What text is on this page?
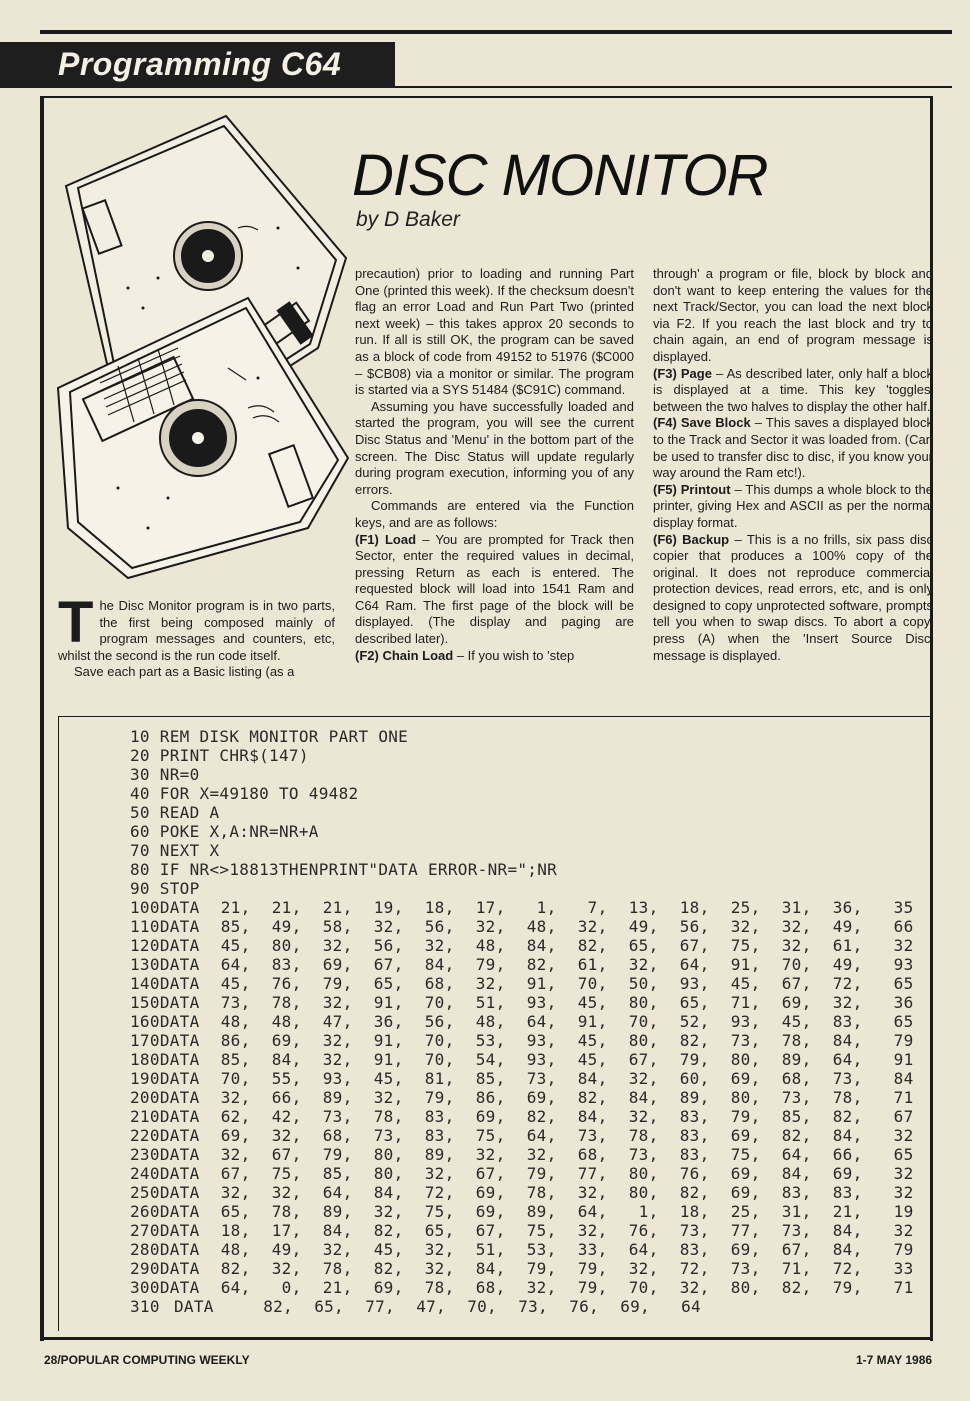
Programming C64
DISC MONITOR
by D Baker

The Disc Monitor program is in two parts, the first being composed mainly of program messages and counters, etc, whilst the second is the run code itself.

Save each part as a Basic listing (as a

precaution) prior to loading and running Part One (printed this week). If the checksum doesn't flag an error Load and Run Part Two (printed next week) – this takes approx 20 seconds to run. If all is still OK, the program can be saved as a block of code from 49152 to 51976 ($C000 – $CB08) via a monitor or similar. The program is started via a SYS 51484 ($C91C) command.

Assuming you have successfully loaded and started the program, you will see the current Disc Status and 'Menu' in the bottom part of the screen. The Disc Status will update regularly during program execution, informing you of any errors.

Commands are entered via the Function keys, and are as follows:

(F1) Load – You are prompted for Track then Sector, enter the required values in decimal, pressing Return as each is entered. The requested block will load into 1541 Ram and C64 Ram. The first page of the block will be displayed. (The display and paging are described later).

(F2) Chain Load – If you wish to 'step

through' a program or file, block by block and don't want to keep entering the values for the next Track/Sector, you can load the next block via F2. If you reach the last block and try to chain again, an end of program message is displayed.

(F3) Page – As described later, only half a block is displayed at a time. This key 'toggles' between the two halves to display the other half.

(F4) Save Block – This saves a displayed block to the Track and Sector it was loaded from. (Can be used to transfer disc to disc, if you know your way around the Ram etc!).

(F5) Printout – This dumps a whole block to the printer, giving Hex and ASCII as per the normal display format.

(F6) Backup – This is a no frills, six pass disc copier that produces a 100% copy of the original. It does not reproduce commercial protection devices, read errors, etc, and is only designed to copy unprotected software, prompts tell you when to swap discs. To abort a copy, press (A) when the 'Insert Source Disc' message is displayed.

10 REM DISK MONITOR PART ONE
20 PRINT CHR$(147)
30 NR=0
40 FOR X=49180 TO 49482
50 READ A
60 POKE X,A:NR=NR+A
70 NEXT X
80 IF NR<>18813THENPRINT"DATA ERROR-NR=";NR
90 STOP
100 DATA	21,	21,	21,	19,	18,	17,	1,	7,	13,	18,	25,	31,	36,	35
110 DATA	85,	49,	58,	32,	56,	32,	48,	32,	49,	56,	32,	32,	49,	66
120 DATA	45,	80,	32,	56,	32,	48,	84,	82,	65,	67,	75,	32,	61,	32
130 DATA	64,	83,	69,	67,	84,	79,	82,	61,	32,	64,	91,	70,	49,	93
140 DATA	45,	76,	79,	65,	68,	32,	91,	70,	50,	93,	45,	67,	72,	65
150 DATA	73,	78,	32,	91,	70,	51,	93,	45,	80,	65,	71,	69,	32,	36
160 DATA	48,	48,	47,	36,	56,	48,	64,	91,	70,	52,	93,	45,	83,	65
170 DATA	86,	69,	32,	91,	70,	53,	93,	45,	80,	82,	73,	78,	84,	79
180 DATA	85,	84,	32,	91,	70,	54,	93,	45,	67,	79,	80,	89,	64,	91
190 DATA	70,	55,	93,	45,	81,	85,	73,	84,	32,	60,	69,	68,	73,	84
200 DATA	32,	66,	89,	32,	79,	86,	69,	82,	84,	89,	80,	73,	78,	71
210 DATA	62,	42,	73,	78,	83,	69,	82,	84,	32,	83,	79,	85,	82,	67
220 DATA	69,	32,	68,	73,	83,	75,	64,	73,	78,	83,	69,	82,	84,	32
230 DATA	32,	67,	79,	80,	89,	32,	32,	68,	73,	83,	75,	64,	66,	65
240 DATA	67,	75,	85,	80,	32,	67,	79,	77,	80,	76,	69,	84,	69,	32
250 DATA	32,	32,	64,	84,	72,	69,	78,	32,	80,	82,	69,	83,	83,	32
260 DATA	65,	78,	89,	32,	75,	69,	89,	64,	1,	18,	25,	31,	21,	19
270 DATA	18,	17,	84,	82,	65,	67,	75,	32,	76,	73,	77,	73,	84,	32
280 DATA	48,	49,	32,	45,	32,	51,	53,	33,	64,	83,	69,	67,	84,	79
290 DATA	82,	32,	78,	82,	32,	84,	79,	79,	32,	72,	73,	71,	72,	33
300 DATA	64,	0,	21,	69,	78,	68,	32,	79,	70,	32,	80,	82,	79,	71
310 DATA	82,	65,	77,	47,	70,	73,	76,	69,	64
28/POPULAR COMPUTING WEEKLY	1-7 MAY 1986
